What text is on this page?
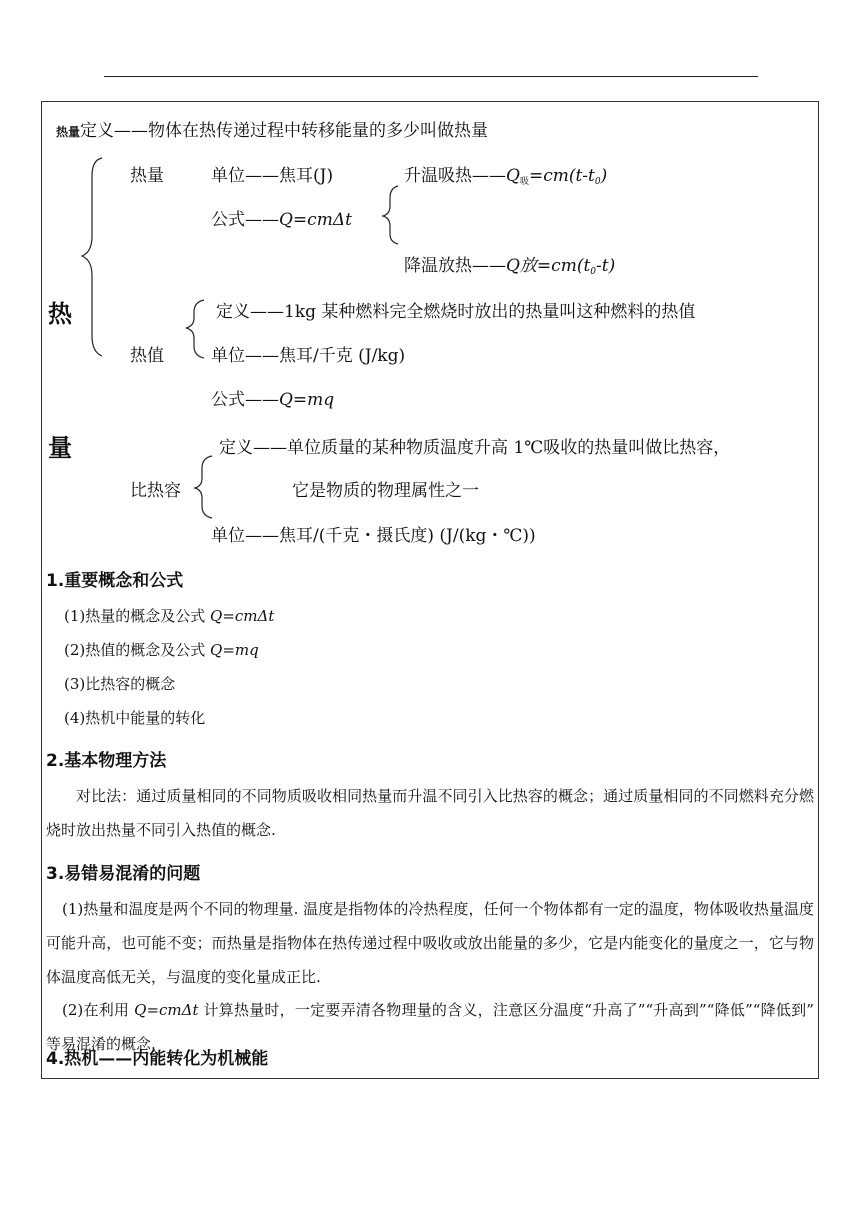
热量定义——物体在热传递过程中转移能量的多少叫做热量
热
量
热量	单位——焦耳(J)	升温吸热$——Q_吸=cm(t-t_0)$
公式——Q=cmΔt
降温放热——Q放$=cm(t_0-t)$
定义——1kg 某种燃料完全燃烧时放出的热量叫这种燃料的热值
热值	单位——焦耳/千克 (J/kg)
公式——Q=mq
定义——单位质量的某种物质温度升高 1℃吸收的热量叫做比热容，
比热容	它是物质的物理属性之一
单位——焦耳/(千克・摄氏度) (J/(kg・℃))
1.重要概念和公式
(1)热量的概念及公式 Q=cmΔt
(2)热值的概念及公式 Q=mq
(3)比热容的概念
(4)热机中能量的转化
2.基本物理方法
对比法：通过质量相同的不同物质吸收相同热量而升温不同引入比热容的概念；通过质量相同的不同燃料充分燃烧时放出热量不同引入热值的概念.
3.易错易混淆的问题
(1)热量和温度是两个不同的物理量. 温度是指物体的冷热程度，任何一个物体都有一定的温度，物体吸收热量温度可能升高，也可能不变；而热量是指物体在热传递过程中吸收或放出能量的多少，它是内能变化的量度之一，它与物体温度高低无关，与温度的变化量成正比.
(2)在利用 Q=cmΔt 计算热量时，一定要弄清各物理量的含义，注意区分温度“升高了”“升高到”“降低”“降低到” 等易混淆的概念.
4.热机——内能转化为机械能
